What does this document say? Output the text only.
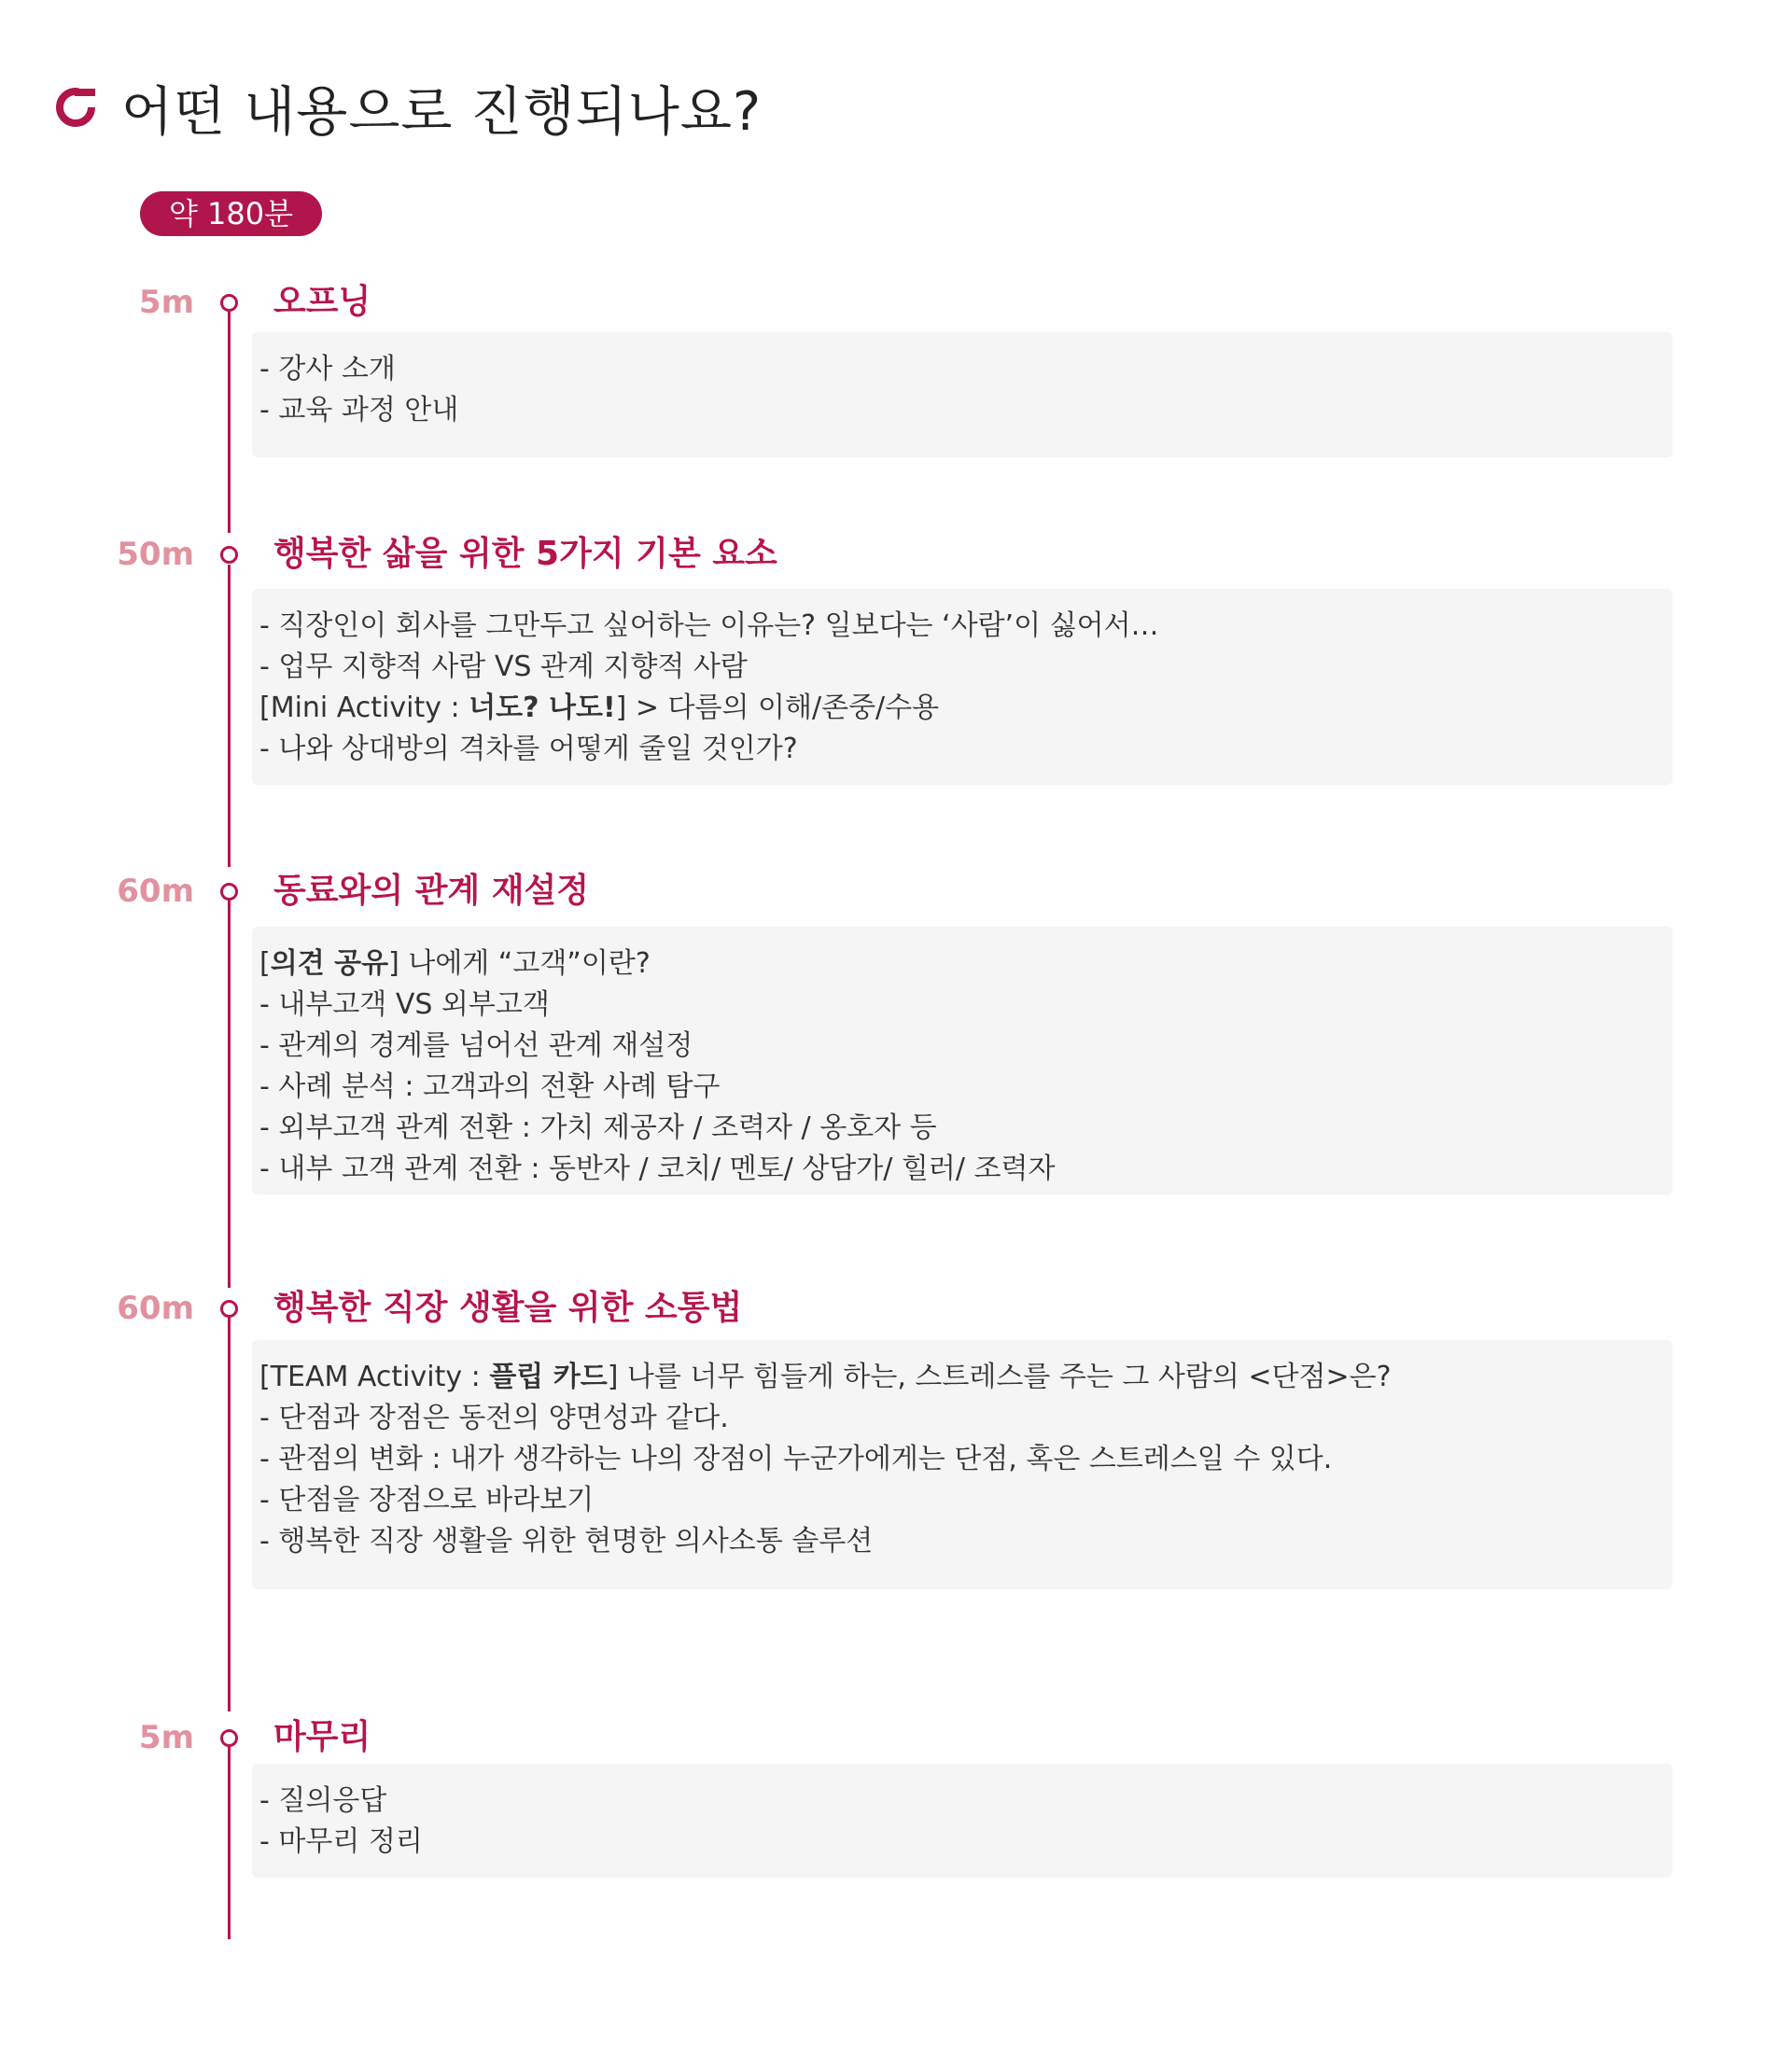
어떤 내용으로 진행되나요?
약 180분
5m 오프닝
- 강사 소개
- 교육 과정 안내
50m 행복한 삶을 위한 5가지 기본 요소
- 직장인이 회사를 그만두고 싶어하는 이유는? 일보다는 ‘사람’이 싫어서…
- 업무 지향적 사람 VS 관계 지향적 사람
[Mini Activity : 너도? 나도!] > 다름의 이해/존중/수용
- 나와 상대방의 격차를 어떻게 줄일 것인가?
60m 동료와의 관계 재설정
[의견 공유] 나에게 “고객”이란?
- 내부고객 VS 외부고객
- 관계의 경계를 넘어선 관계 재설정
- 사례 분석 : 고객과의 전환 사례 탐구
- 외부고객 관계 전환 : 가치 제공자 / 조력자 / 옹호자 등
- 내부 고객 관계 전환 : 동반자 / 코치/ 멘토/ 상담가/ 힐러/ 조력자
60m 행복한 직장 생활을 위한 소통법
[TEAM Activity : 플립 카드] 나를 너무 힘들게 하는, 스트레스를 주는 그 사람의 <단점>은?
- 단점과 장점은 동전의 양면성과 같다.
- 관점의 변화 : 내가 생각하는 나의 장점이 누군가에게는 단점, 혹은 스트레스일 수 있다.
- 단점을 장점으로 바라보기
- 행복한 직장 생활을 위한 현명한 의사소통 솔루션
5m 마무리
- 질의응답
- 마무리 정리
